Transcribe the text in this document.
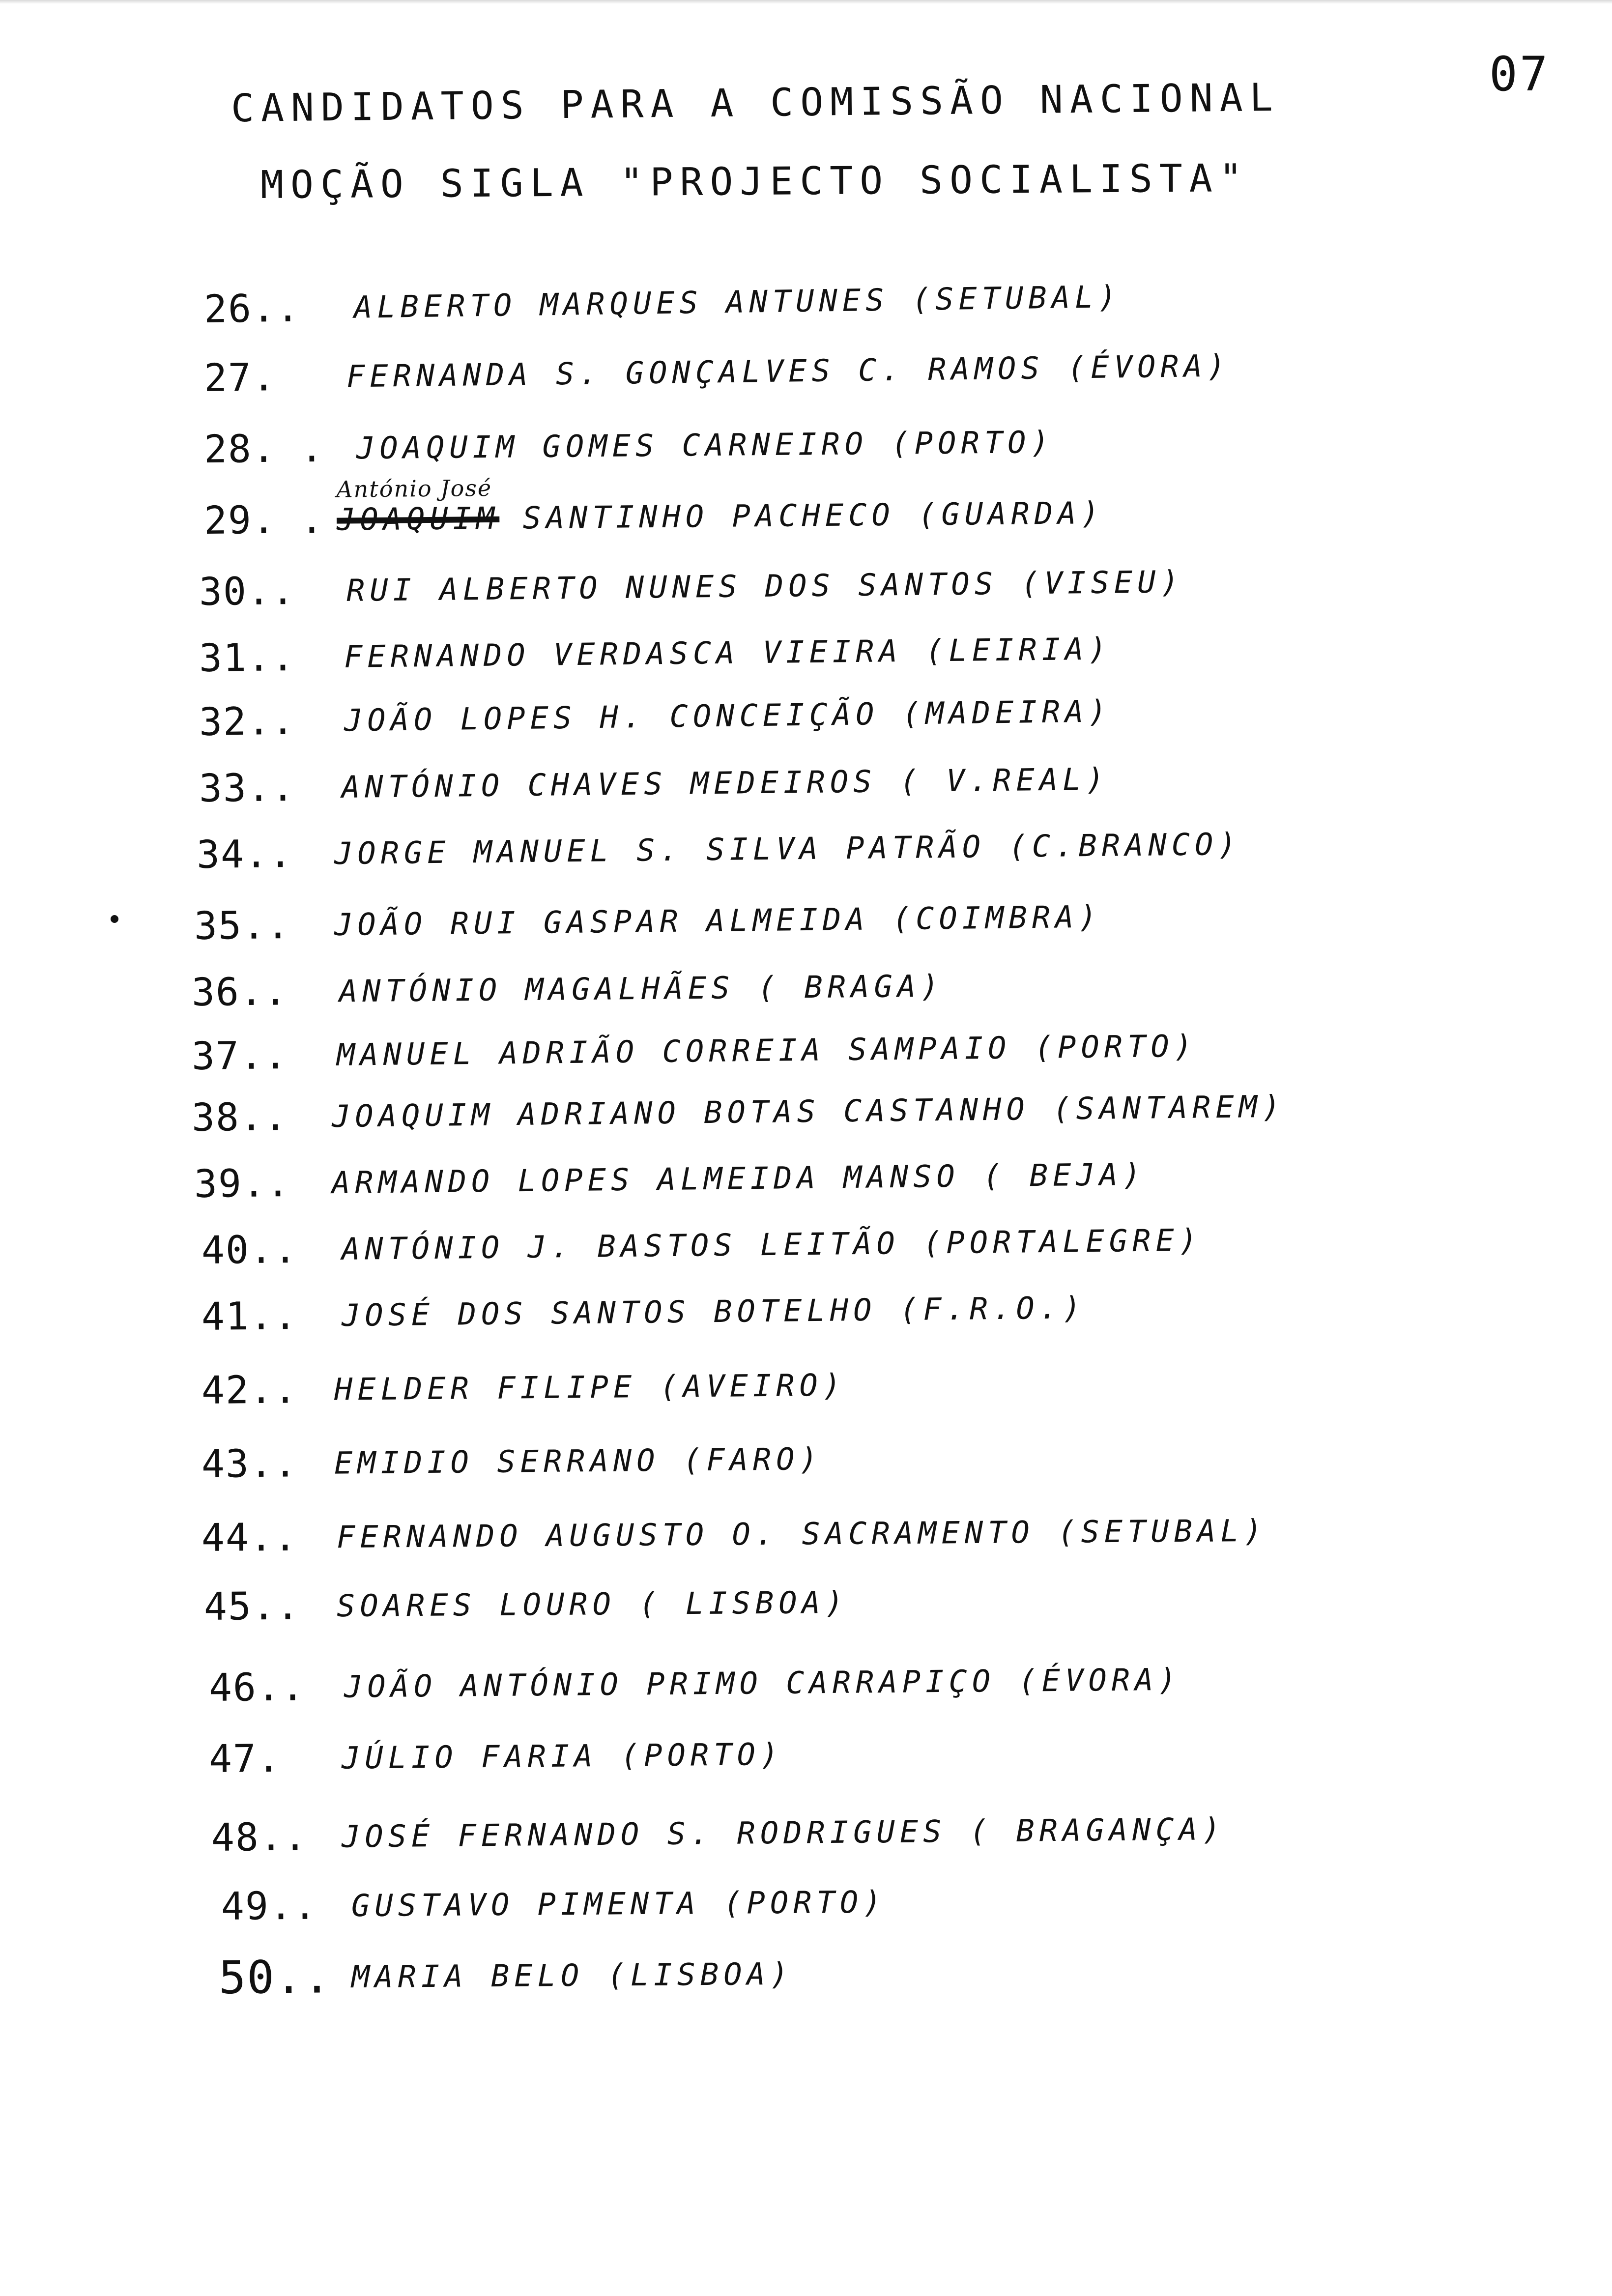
07
CANDIDATOS PARA A COMISSÃO NACIONAL
MOÇÃO SIGLA "PROJECTO SOCIALISTA"
26.. ALBERTO MARQUES ANTUNES (SETUBAL)
27. FERNANDA S. GONÇALVES C. RAMOS (ÉVORA)
28. . JOAQUIM GOMES CARNEIRO (PORTO)
29. .
António José
JOAQUIM SANTINHO PACHECO (GUARDA)
30.. RUI ALBERTO NUNES DOS SANTOS (VISEU)
31.. FERNANDO VERDASCA VIEIRA (LEIRIA)
32.. JOÃO LOPES H. CONCEIÇÃO (MADEIRA)
33.. ANTÓNIO CHAVES MEDEIROS ( V.REAL)
34.. JORGE MANUEL S. SILVA PATRÃO (C.BRANCO)
35.. JOÃO RUI GASPAR ALMEIDA (COIMBRA)
36.. ANTÓNIO MAGALHÃES ( BRAGA)
37.. MANUEL ADRIÃO CORREIA SAMPAIO (PORTO)
38.. JOAQUIM ADRIANO BOTAS CASTANHO (SANTAREM)
39.. ARMANDO LOPES ALMEIDA MANSO ( BEJA)
40.. ANTÓNIO J. BASTOS LEITÃO (PORTALEGRE)
41.. JOSÉ DOS SANTOS BOTELHO (F.R.O.)
42.. HELDER FILIPE (AVEIRO)
43.. EMIDIO SERRANO (FARO)
44.. FERNANDO AUGUSTO O. SACRAMENTO (SETUBAL)
45.. SOARES LOURO ( LISBOA)
46.. JOÃO ANTÓNIO PRIMO CARRAPIÇO (ÉVORA)
47. JÚLIO FARIA (PORTO)
48.. JOSÉ FERNANDO S. RODRIGUES ( BRAGANÇA)
49.. GUSTAVO PIMENTA (PORTO)
50.. MARIA BELO (LISBOA)
